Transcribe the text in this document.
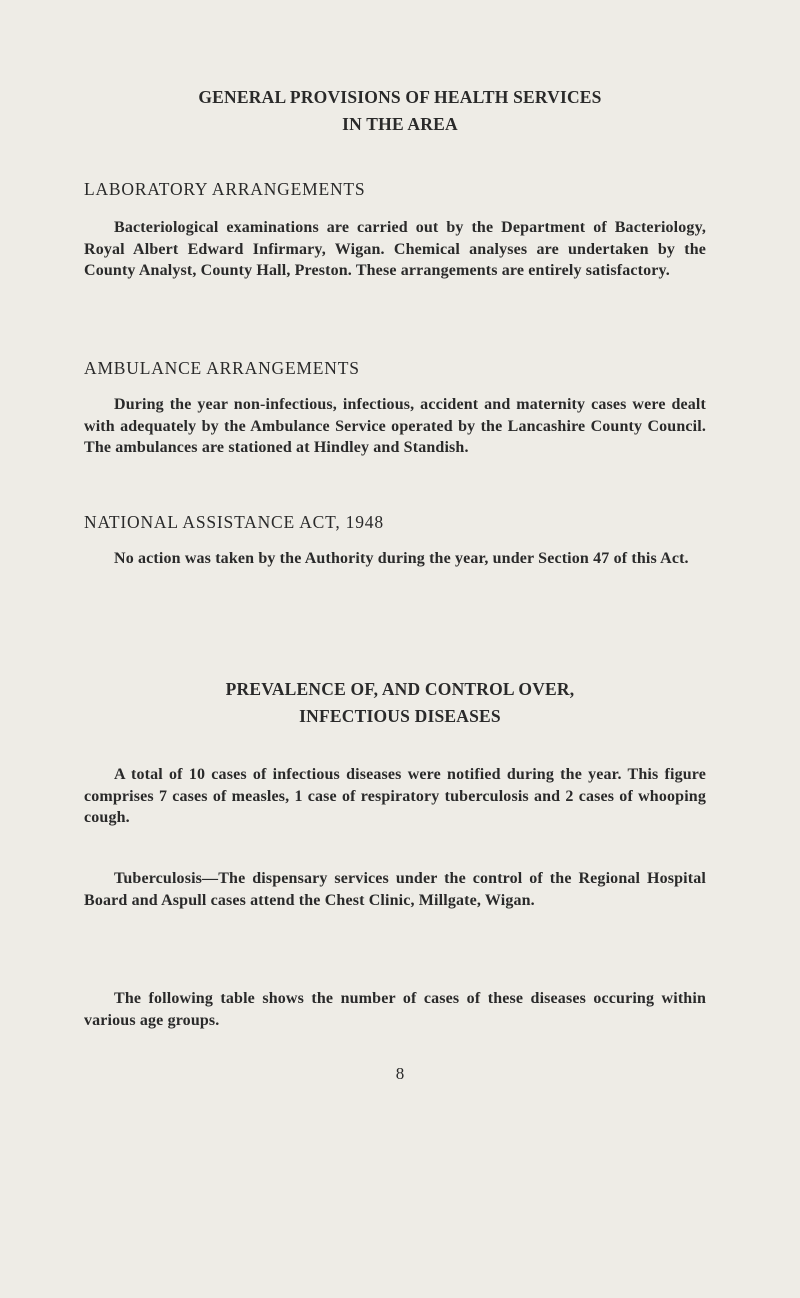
GENERAL PROVISIONS OF HEALTH SERVICES
IN THE AREA
LABORATORY ARRANGEMENTS

Bacteriological examinations are carried out by the Department of Bacteriology, Royal Albert Edward Infirmary, Wigan. Chemical analyses are undertaken by the County Analyst, County Hall, Preston. These arrangements are entirely satisfactory.

AMBULANCE ARRANGEMENTS

During the year non-infectious, infectious, accident and maternity cases were dealt with adequately by the Ambulance Service operated by the Lancashire County Council. The ambulances are stationed at Hindley and Standish.

NATIONAL ASSISTANCE ACT, 1948

No action was taken by the Authority during the year, under Section 47 of this Act.

PREVALENCE OF, AND CONTROL OVER,
INFECTIOUS DISEASES

A total of 10 cases of infectious diseases were notified during the year. This figure comprises 7 cases of measles, 1 case of respiratory tuberculosis and 2 cases of whooping cough.

Tuberculosis—The dispensary services under the control of the Regional Hospital Board and Aspull cases attend the Chest Clinic, Millgate, Wigan.

The following table shows the number of cases of these diseases occuring within various age groups.

8
